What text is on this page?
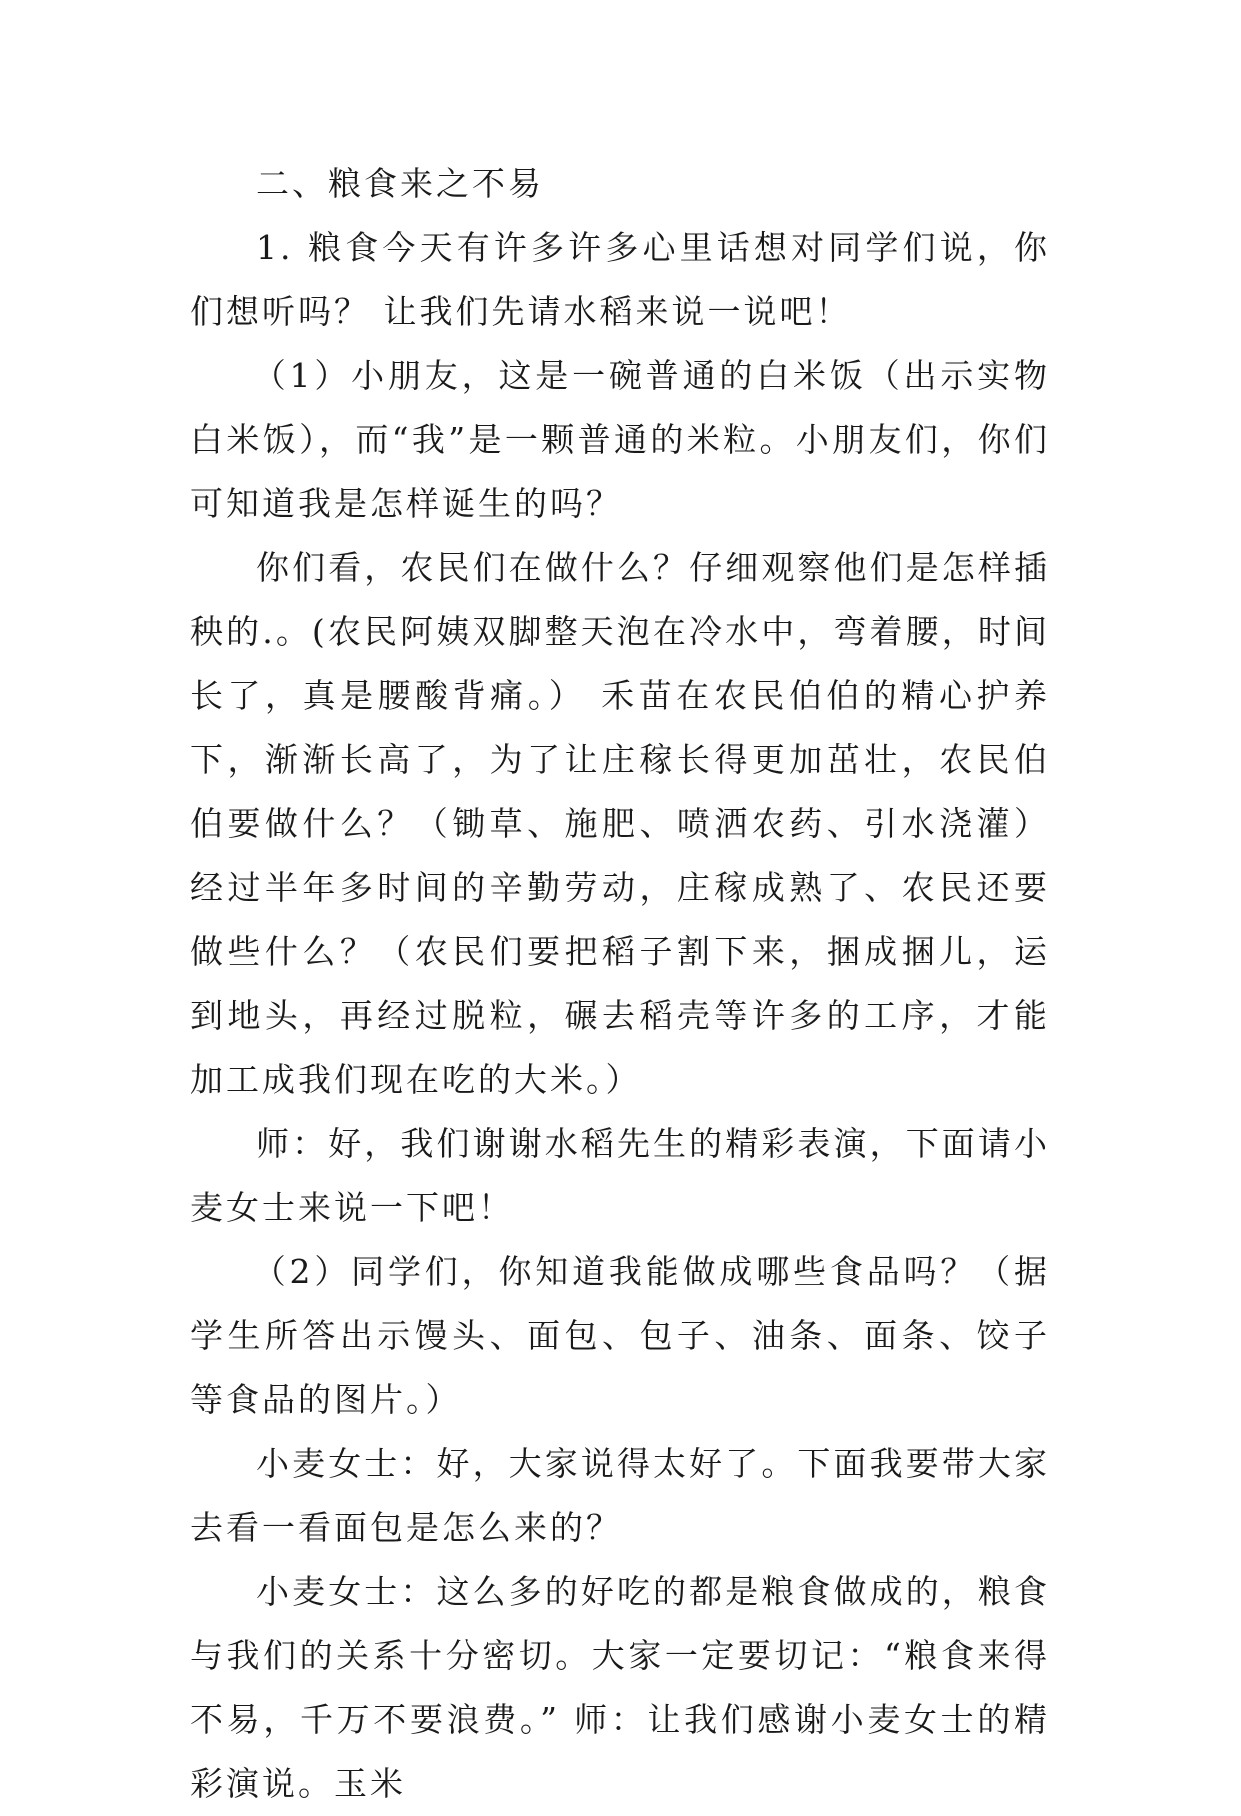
二、粮食来之不易

1. 粮食今天有许多许多心里话想对同学们说，你们想听吗？ 让我们先请水稻来说一说吧！

（1）小朋友，这是一碗普通的白米饭（出示实物白米饭），而“我”是一颗普通的米粒。小朋友们，你们可知道我是怎样诞生的吗？

你们看，农民们在做什么？仔细观察他们是怎样插秧的.。(农民阿姨双脚整天泡在冷水中，弯着腰，时间长了，真是腰酸背痛。） 禾苗在农民伯伯的精心护养下，渐渐长高了，为了让庄稼长得更加茁壮，农民伯伯要做什么？（锄草、施肥、喷洒农药、引水浇灌） 经过半年多时间的辛勤劳动，庄稼成熟了、农民还要做些什么？（农民们要把稻子割下来，捆成捆儿，运到地头，再经过脱粒，碾去稻壳等许多的工序，才能加工成我们现在吃的大米。）

师：好，我们谢谢水稻先生的精彩表演，下面请小麦女士来说一下吧！

（2）同学们，你知道我能做成哪些食品吗？（据学生所答出示馒头、面包、包子、油条、面条、饺子等食品的图片。）

小麦女士：好，大家说得太好了。下面我要带大家去看一看面包是怎么来的？

小麦女士：这么多的好吃的都是粮食做成的，粮食与我们的关系十分密切。大家一定要切记：“粮食来得不易，千万不要浪费。” 师：让我们感谢小麦女士的精彩演说。玉米
